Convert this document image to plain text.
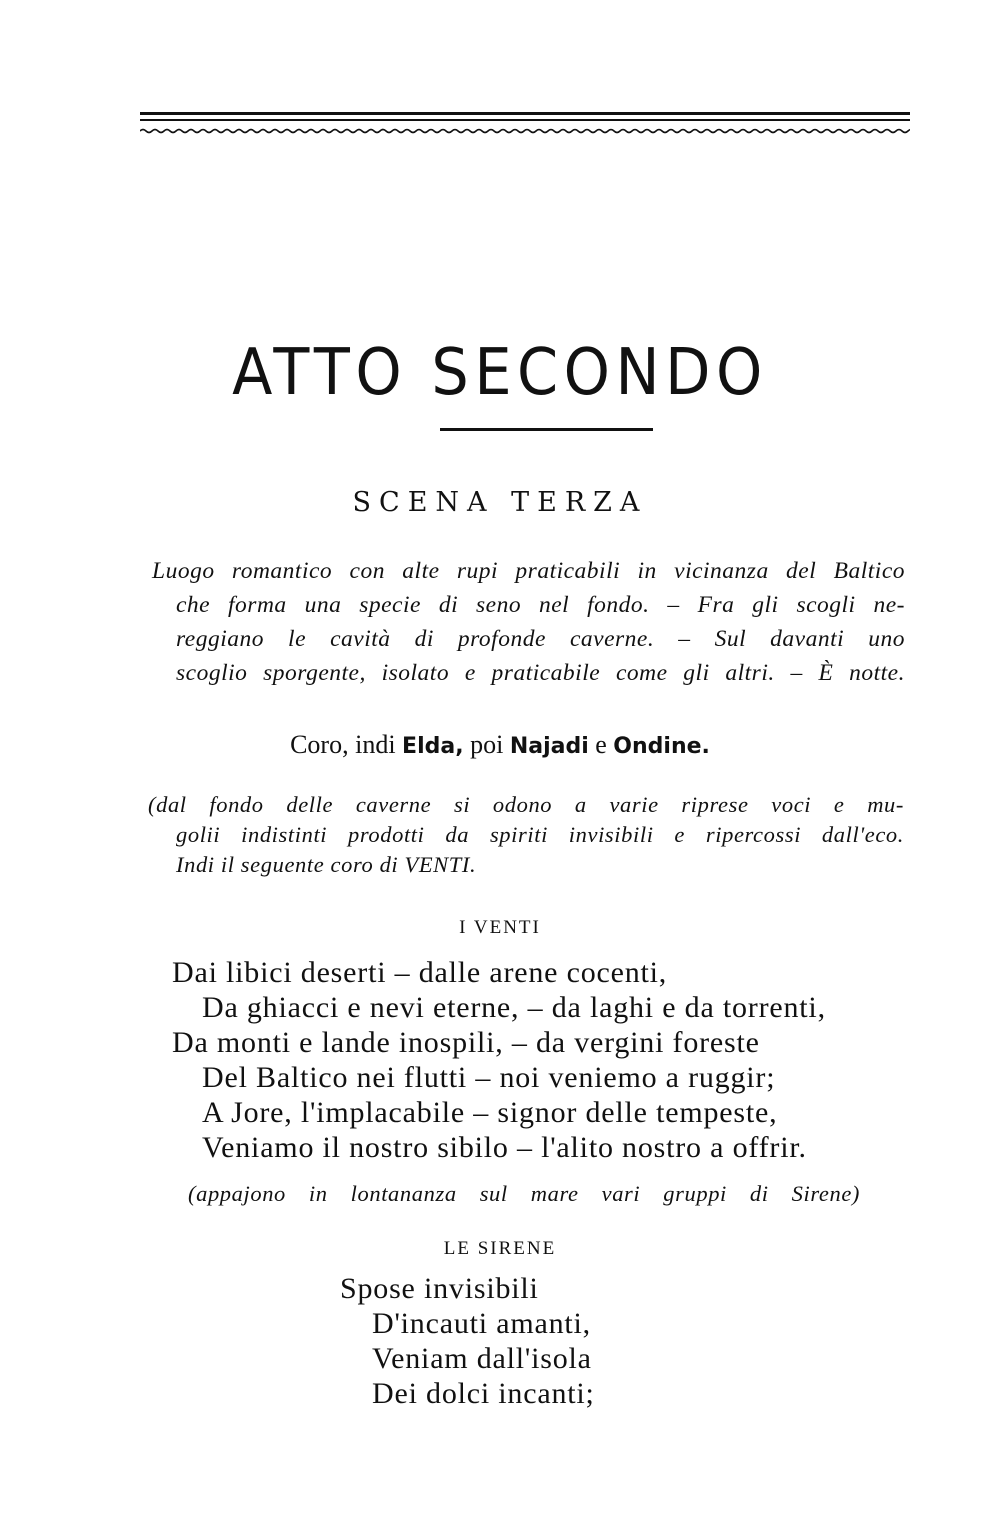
ATTO SECONDO
SCENA TERZA
Luogo romantico con alte rupi praticabili in vicinanza del Baltico
che forma una specie di seno nel fondo. – Fra gli scogli ne-
reggiano le cavità di profonde caverne. – Sul davanti uno
scoglio sporgente, isolato e praticabile come gli altri. – È notte.
Coro, indi Elda, poi Najadi e Ondine.
(dal fondo delle caverne si odono a varie riprese voci e mu-
golii indistinti prodotti da spiriti invisibili e ripercossi dall'eco.
Indi il seguente coro di VENTI.
I VENTI
Dai libici deserti – dalle arene cocenti,
Da ghiacci e nevi eterne, – da laghi e da torrenti,
Da monti e lande inospili, – da vergini foreste
Del Baltico nei flutti – noi veniemo a ruggir;
A Jore, l'implacabile – signor delle tempeste,
Veniamo il nostro sibilo – l'alito nostro a offrir.
(appajono in lontananza sul mare vari gruppi di Sirene)
LE SIRENE
Spose invisibili
D'incauti amanti,
Veniam dall'isola
Dei dolci incanti;
